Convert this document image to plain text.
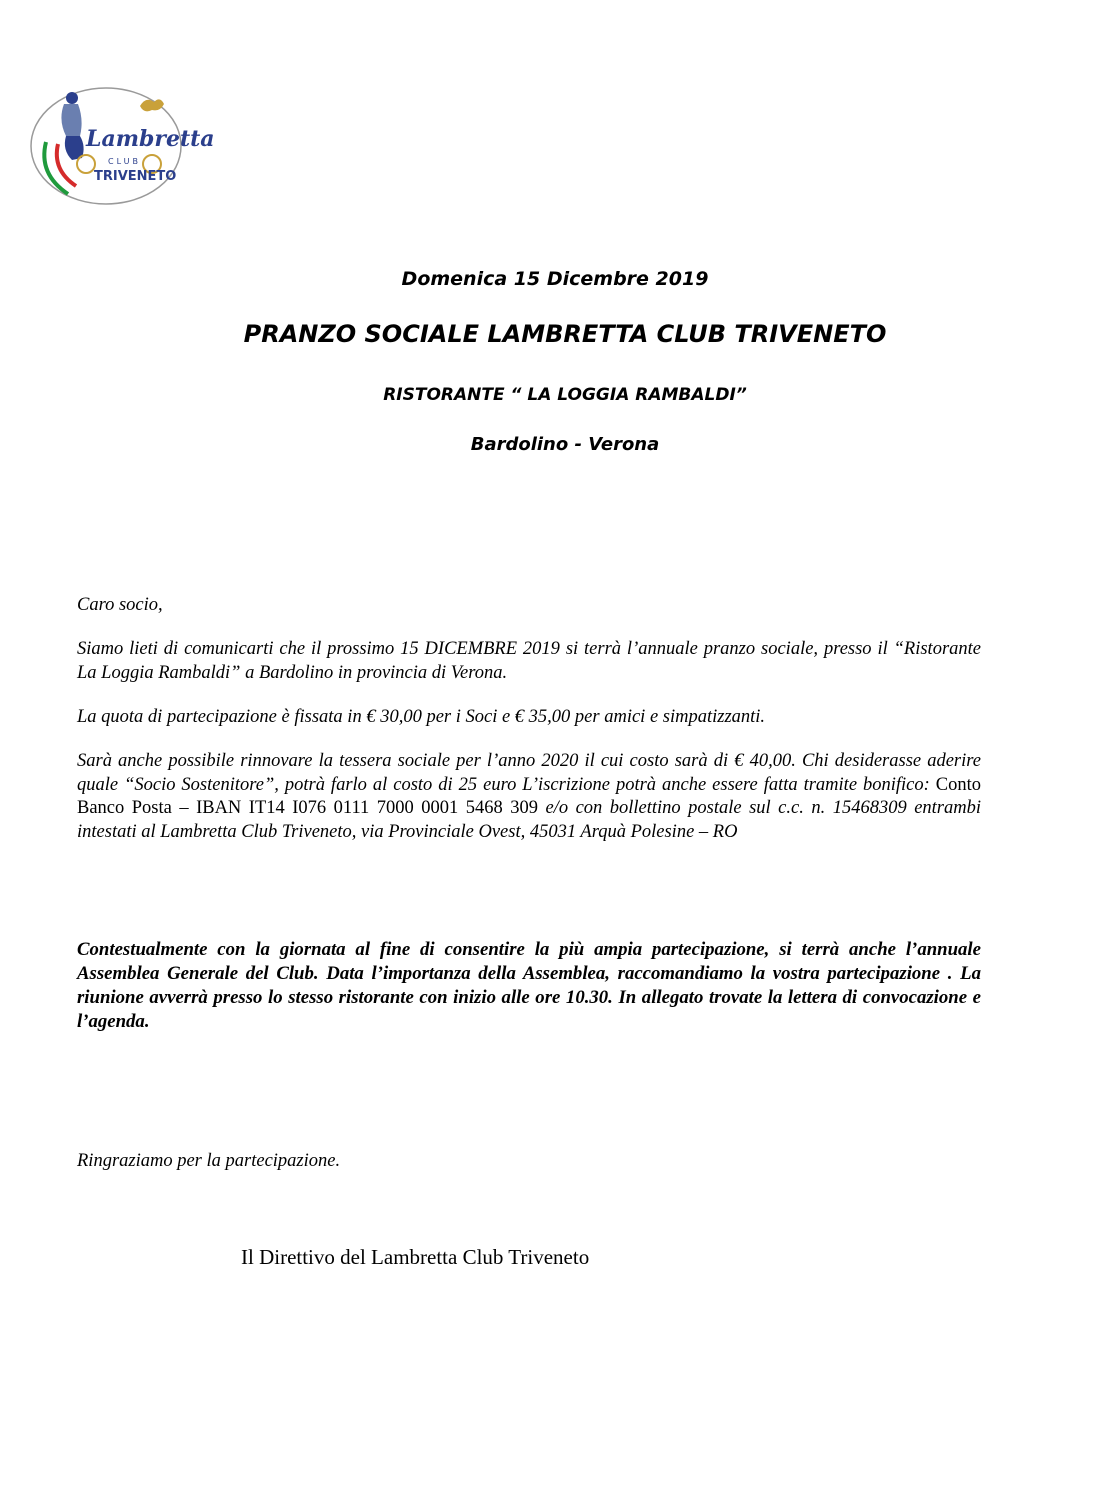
Lambretta
CLUB
TRIVENETO

Domenica 15 Dicembre 2019

PRANZO SOCIALE LAMBRETTA CLUB TRIVENETO

RISTORANTE “ LA LOGGIA RAMBALDI”

Bardolino - Verona

Caro socio,

Siamo lieti di comunicarti che il prossimo 15 DICEMBRE 2019 si terrà l’annuale pranzo sociale, presso il “Ristorante La Loggia Rambaldi” a Bardolino in provincia di Verona.

La quota di partecipazione è fissata in € 30,00 per i Soci e € 35,00 per amici e simpatizzanti.

Sarà anche possibile rinnovare la tessera sociale per l’anno 2020 il cui costo sarà di € 40,00. Chi desiderasse aderire quale “Socio Sostenitore”, potrà farlo al costo di 25 euro L’iscrizione potrà anche essere fatta tramite bonifico: Conto Banco Posta – IBAN IT14 I076 0111 7000 0001 5468 309 e/o con bollettino postale sul c.c. n. 15468309 entrambi intestati al Lambretta Club Triveneto, via Provinciale Ovest, 45031 Arquà Polesine – RO

Contestualmente con la giornata al fine di consentire la più ampia partecipazione, si terrà anche l’annuale Assemblea Generale del Club. Data l’importanza della Assemblea, raccomandiamo la vostra partecipazione . La riunione avverrà presso lo stesso ristorante con inizio alle ore 10.30. In allegato trovate la lettera di convocazione e l’agenda.

Ringraziamo per la partecipazione.

Il Direttivo del Lambretta Club Triveneto
